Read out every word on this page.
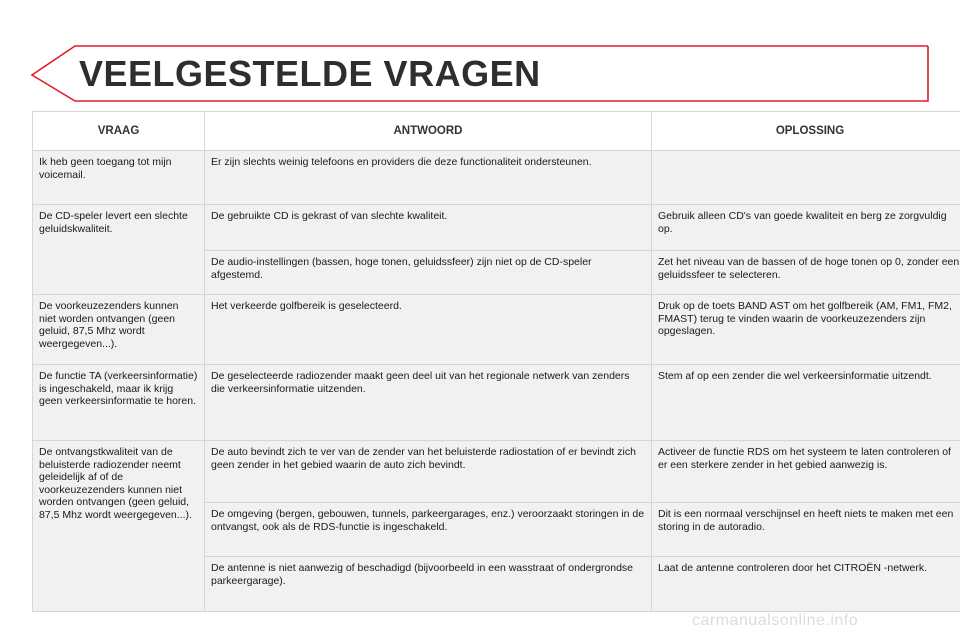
VEELGESTELDE VRAGEN
VRAAG	ANTWOORD	OPLOSSING
Ik heb geen toegang tot mijn voicemail.	Er zijn slechts weinig telefoons en providers die deze functionaliteit ondersteunen.	
De CD-speler levert een slechte geluidskwaliteit.	De gebruikte CD is gekrast of van slechte kwaliteit.	Gebruik alleen CD's van goede kwaliteit en berg ze zorgvuldig op.
	De audio-instellingen (bassen, hoge tonen, geluidssfeer) zijn niet op de CD-speler afgestemd.	Zet het niveau van de bassen of de hoge tonen op 0, zonder een geluidssfeer te selecteren.
De voorkeuzezenders kunnen niet worden ontvangen (geen geluid, 87,5 Mhz wordt weergegeven...).	Het verkeerde golfbereik is geselecteerd.	Druk op de toets BAND AST om het golfbereik (AM, FM1, FM2, FMAST) terug te vinden waarin de voorkeuzezenders zijn opgeslagen.
De functie TA (verkeersinformatie) is ingeschakeld, maar ik krijg geen verkeersinformatie te horen.	De geselecteerde radiozender maakt geen deel uit van het regionale netwerk van zenders die verkeersinformatie uitzenden.	Stem af op een zender die wel verkeersinformatie uitzendt.
De ontvangstkwaliteit van de beluisterde radiozender neemt geleidelijk af of de voorkeuzezenders kunnen niet worden ontvangen (geen geluid, 87,5 Mhz wordt weergegeven...).	De auto bevindt zich te ver van de zender van het beluisterde radiostation of er bevindt zich geen zender in het gebied waarin de auto zich bevindt.	Activeer de functie RDS om het systeem te laten controleren of er een sterkere zender in het gebied aanwezig is.
	De omgeving (bergen, gebouwen, tunnels, parkeergarages, enz.) veroorzaakt storingen in de ontvangst, ook als de RDS-functie is ingeschakeld.	Dit is een normaal verschijnsel en heeft niets te maken met een storing in de autoradio.
	De antenne is niet aanwezig of beschadigd (bijvoorbeeld in een wasstraat of ondergrondse parkeergarage).	Laat de antenne controleren door het CITROËN -netwerk.
carmanualsonline.info
